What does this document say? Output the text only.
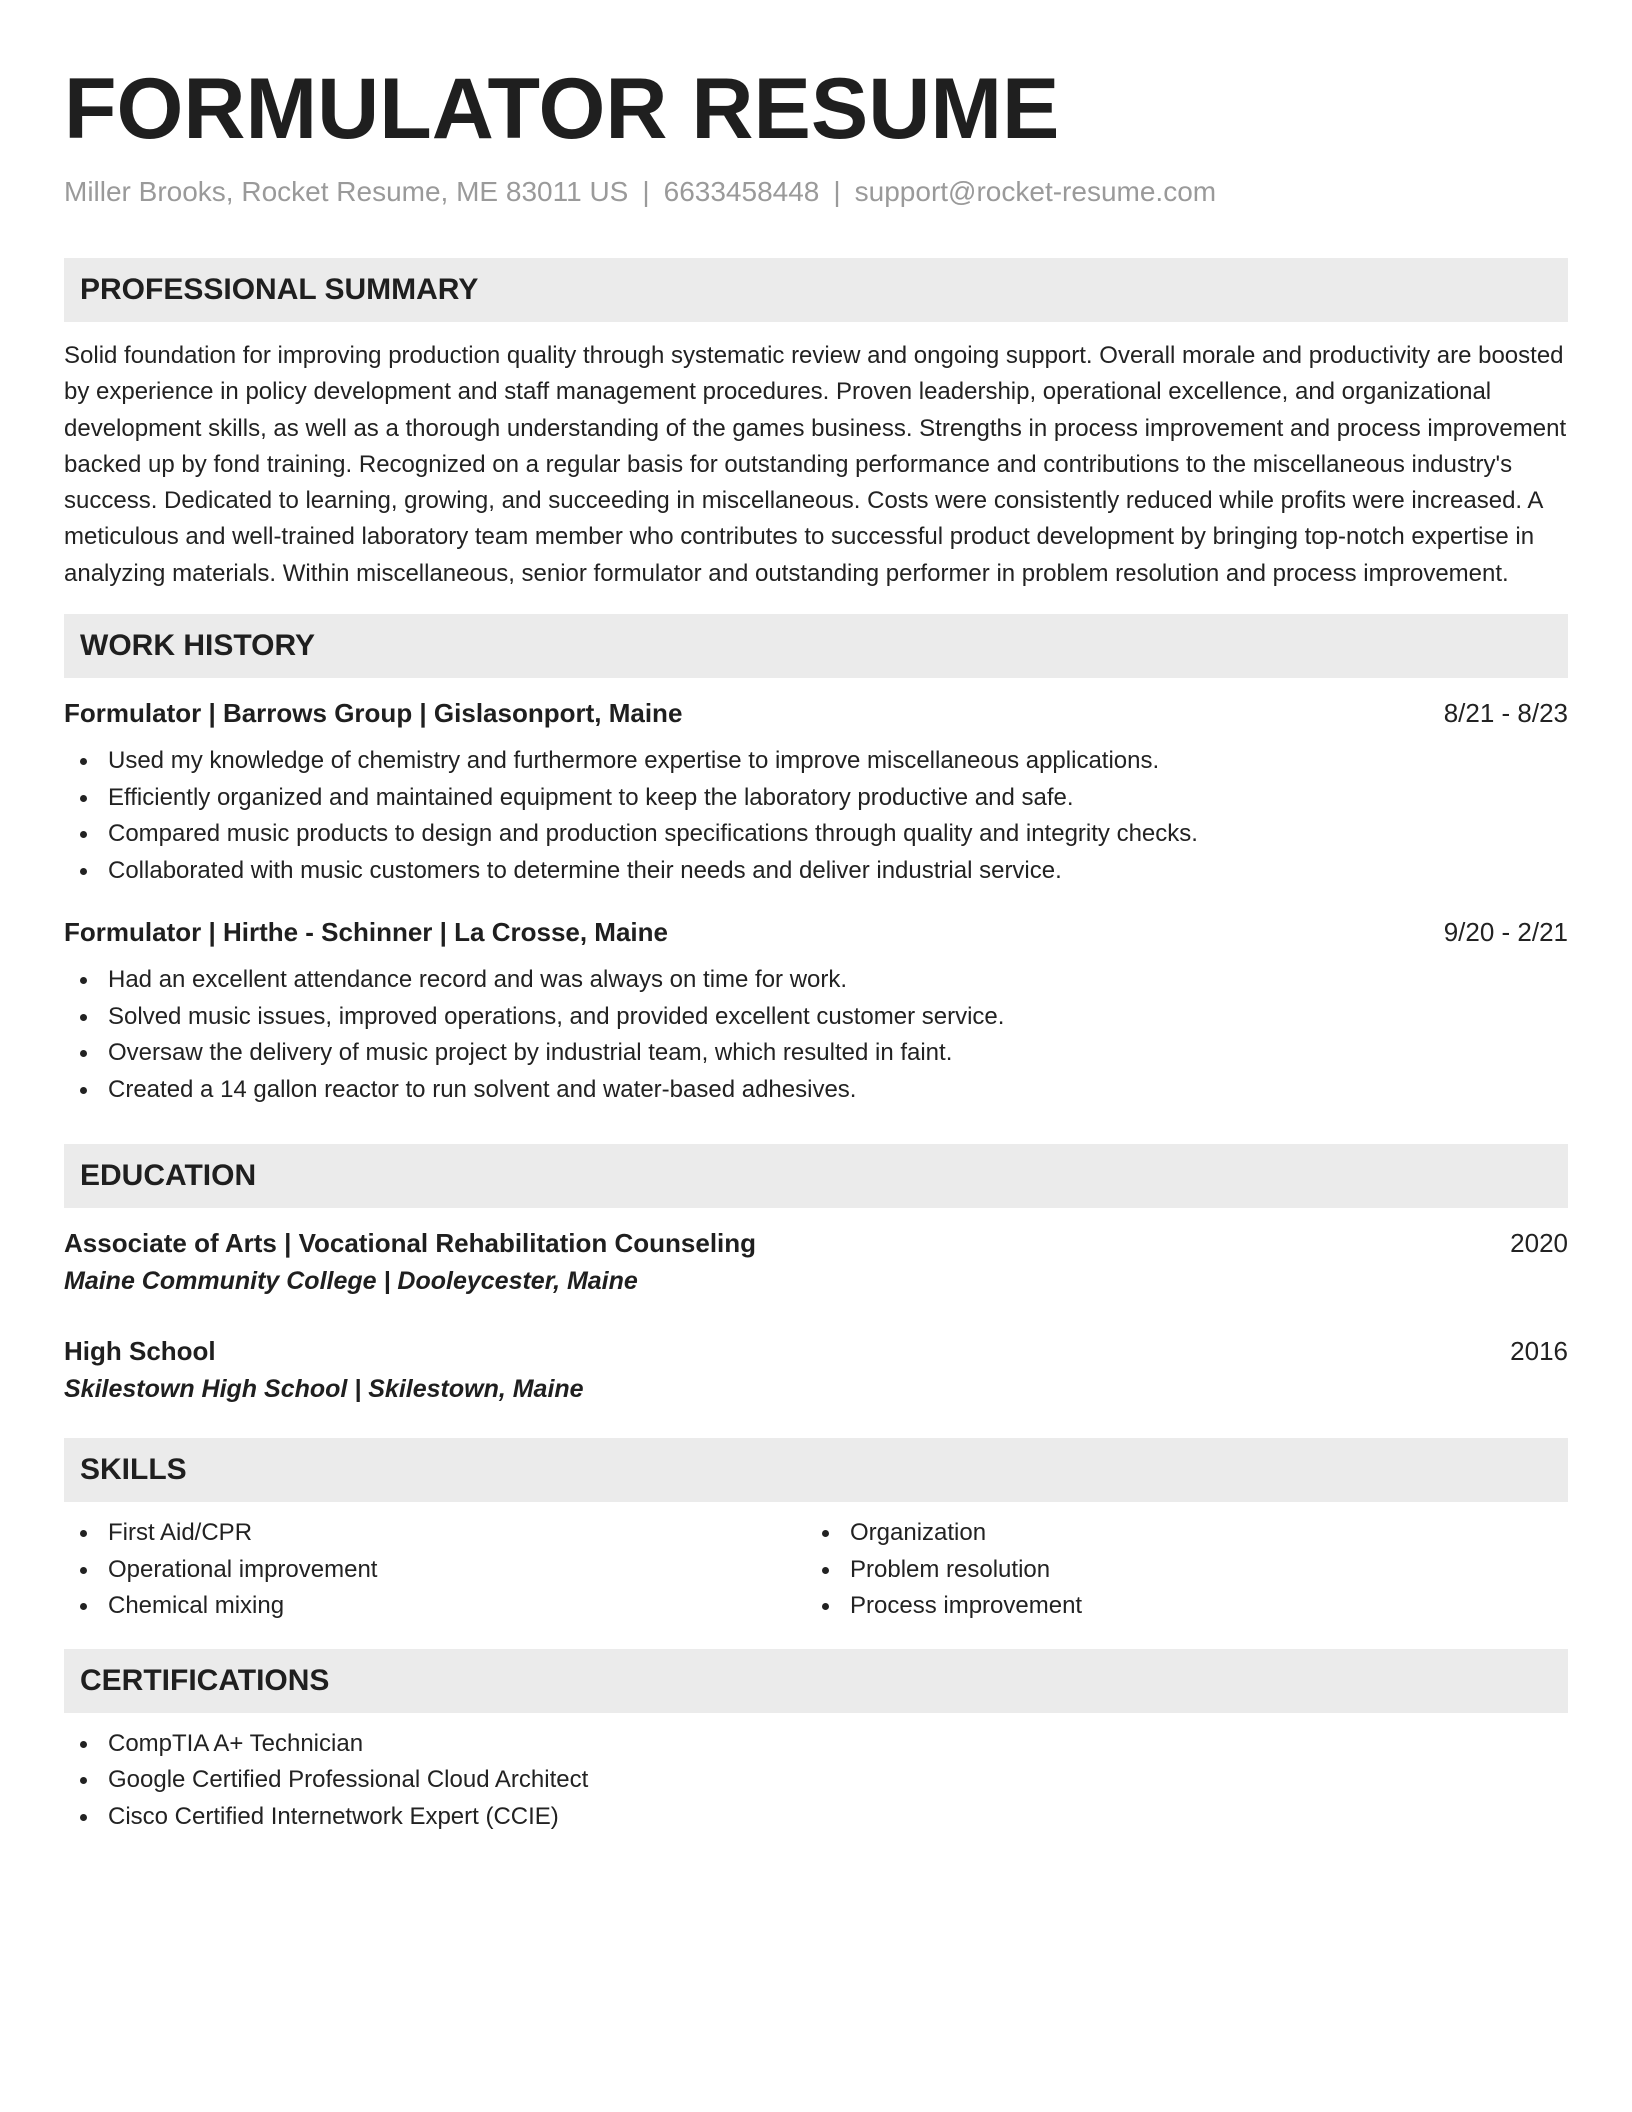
FORMULATOR RESUME
Miller Brooks, Rocket Resume, ME 83011 US | 6633458448 | support@rocket-resume.com
PROFESSIONAL SUMMARY
Solid foundation for improving production quality through systematic review and ongoing support. Overall morale and productivity are boosted by experience in policy development and staff management procedures. Proven leadership, operational excellence, and organizational development skills, as well as a thorough understanding of the games business. Strengths in process improvement and process improvement backed up by fond training. Recognized on a regular basis for outstanding performance and contributions to the miscellaneous industry's success. Dedicated to learning, growing, and succeeding in miscellaneous. Costs were consistently reduced while profits were increased. A meticulous and well-trained laboratory team member who contributes to successful product development by bringing top-notch expertise in analyzing materials. Within miscellaneous, senior formulator and outstanding performer in problem resolution and process improvement.
WORK HISTORY
Formulator | Barrows Group | Gislasonport, Maine	8/21 - 8/23
Used my knowledge of chemistry and furthermore expertise to improve miscellaneous applications.
Efficiently organized and maintained equipment to keep the laboratory productive and safe.
Compared music products to design and production specifications through quality and integrity checks.
Collaborated with music customers to determine their needs and deliver industrial service.
Formulator | Hirthe - Schinner | La Crosse, Maine	9/20 - 2/21
Had an excellent attendance record and was always on time for work.
Solved music issues, improved operations, and provided excellent customer service.
Oversaw the delivery of music project by industrial team, which resulted in faint.
Created a 14 gallon reactor to run solvent and water-based adhesives.
EDUCATION
Associate of Arts | Vocational Rehabilitation Counseling	2020
Maine Community College | Dooleycester, Maine
High School	2016
Skilestown High School | Skilestown, Maine
SKILLS
First Aid/CPR
Operational improvement
Chemical mixing
Organization
Problem resolution
Process improvement
CERTIFICATIONS
CompTIA A+ Technician
Google Certified Professional Cloud Architect
Cisco Certified Internetwork Expert (CCIE)
